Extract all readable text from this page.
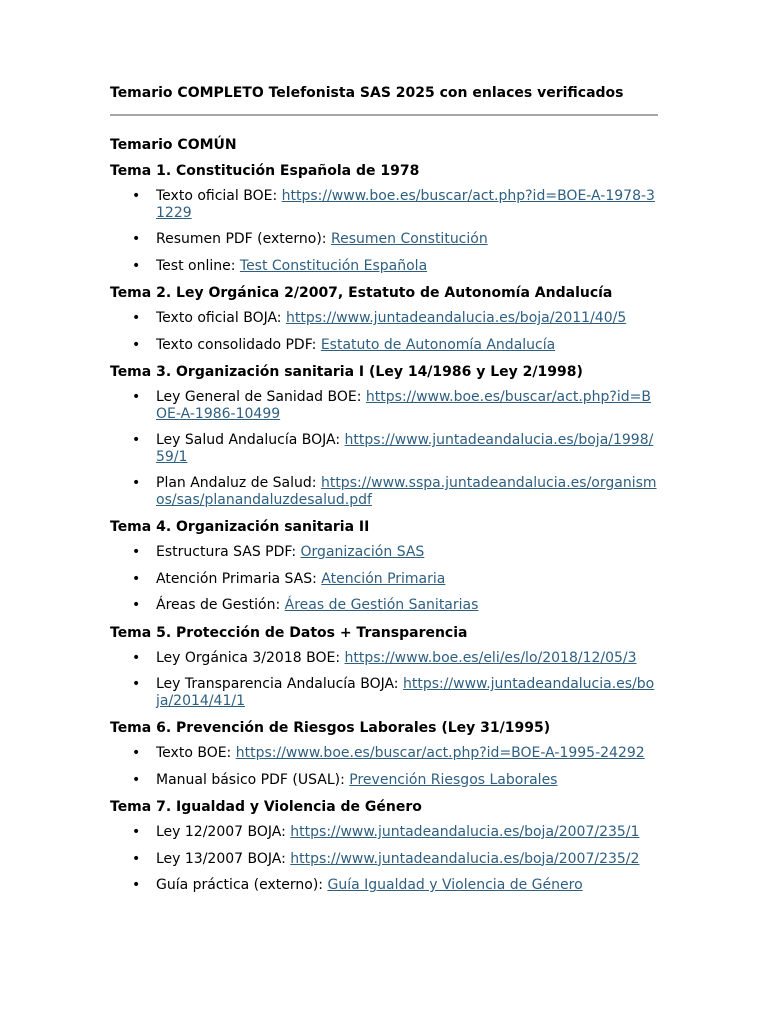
Temario COMPLETO Telefonista SAS 2025 con enlaces verificados
Temario COMÚN
Tema 1. Constitución Española de 1978
• Texto oficial BOE: https://www.boe.es/buscar/act.php?id=BOE-A-1978-31229
• Resumen PDF (externo): Resumen Constitución
• Test online: Test Constitución Española
Tema 2. Ley Orgánica 2/2007, Estatuto de Autonomía Andalucía
• Texto oficial BOJA: https://www.juntadeandalucia.es/boja/2011/40/5
• Texto consolidado PDF: Estatuto de Autonomía Andalucía
Tema 3. Organización sanitaria I (Ley 14/1986 y Ley 2/1998)
• Ley General de Sanidad BOE: https://www.boe.es/buscar/act.php?id=BOE-A-1986-10499
• Ley Salud Andalucía BOJA: https://www.juntadeandalucia.es/boja/1998/59/1
• Plan Andaluz de Salud: https://www.sspa.juntadeandalucia.es/organismos/sas/planandaluzdesalud.pdf
Tema 4. Organización sanitaria II
• Estructura SAS PDF: Organización SAS
• Atención Primaria SAS: Atención Primaria
• Áreas de Gestión: Áreas de Gestión Sanitarias
Tema 5. Protección de Datos + Transparencia
• Ley Orgánica 3/2018 BOE: https://www.boe.es/eli/es/lo/2018/12/05/3
• Ley Transparencia Andalucía BOJA: https://www.juntadeandalucia.es/boja/2014/41/1
Tema 6. Prevención de Riesgos Laborales (Ley 31/1995)
• Texto BOE: https://www.boe.es/buscar/act.php?id=BOE-A-1995-24292
• Manual básico PDF (USAL): Prevención Riesgos Laborales
Tema 7. Igualdad y Violencia de Género
• Ley 12/2007 BOJA: https://www.juntadeandalucia.es/boja/2007/235/1
• Ley 13/2007 BOJA: https://www.juntadeandalucia.es/boja/2007/235/2
• Guía práctica (externo): Guía Igualdad y Violencia de Género
